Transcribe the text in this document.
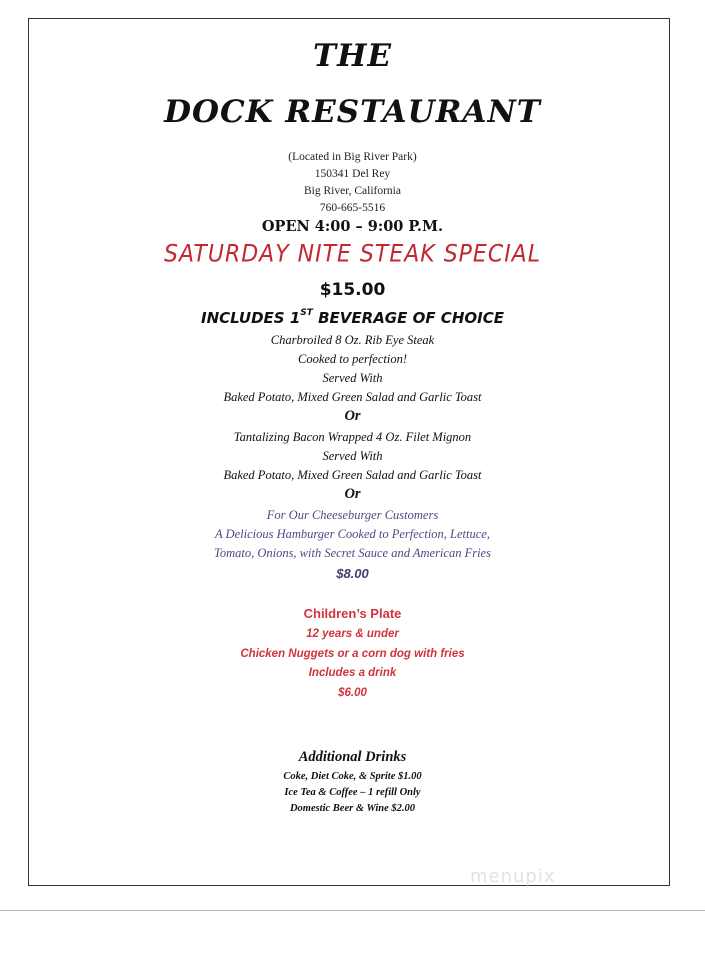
THE
DOCK RESTAURANT
(Located in Big River Park)
150341 Del Rey
Big River, California
760-665-5516
OPEN 4:00 – 9:00 P.M.
SATURDAY NITE STEAK SPECIAL
$15.00
INCLUDES 1ST BEVERAGE OF CHOICE
Charbroiled 8 Oz. Rib Eye Steak
Cooked to perfection!
Served With
Baked Potato, Mixed Green Salad and Garlic Toast
Or
Tantalizing Bacon Wrapped 4 Oz. Filet Mignon
Served With
Baked Potato, Mixed Green Salad and Garlic Toast
Or
For Our Cheeseburger Customers
A Delicious Hamburger Cooked to Perfection, Lettuce,
Tomato, Onions, with Secret Sauce and American Fries
$8.00
Children’s Plate
12 years & under
Chicken Nuggets or a corn dog with fries
Includes a drink
$6.00
Additional Drinks
Coke, Diet Coke, & Sprite $1.00
Ice Tea & Coffee – 1 refill Only
Domestic Beer & Wine $2.00
menupix
